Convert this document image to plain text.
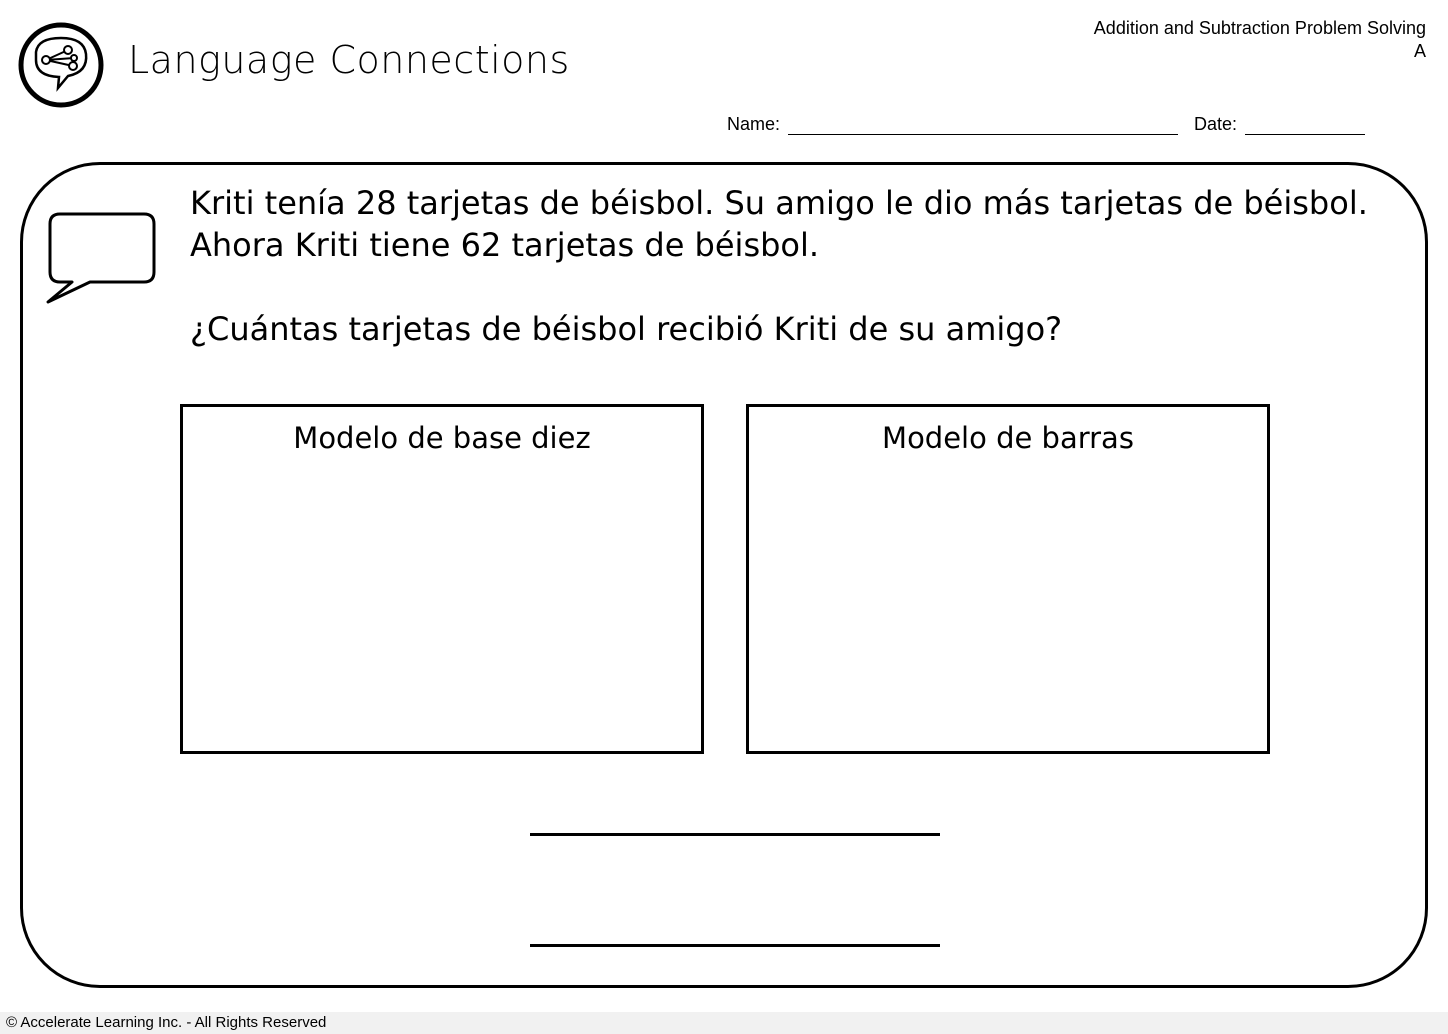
Language Connections
Addition and Subtraction Problem Solving
A
Name:	Date:
Kriti tenía 28 tarjetas de béisbol. Su amigo le dio más tarjetas de béisbol.
Ahora Kriti tiene 62 tarjetas de béisbol.
¿Cuántas tarjetas de béisbol recibió Kriti de su amigo?
Modelo de base diez	Modelo de barras
© Accelerate Learning Inc. - All Rights Reserved
